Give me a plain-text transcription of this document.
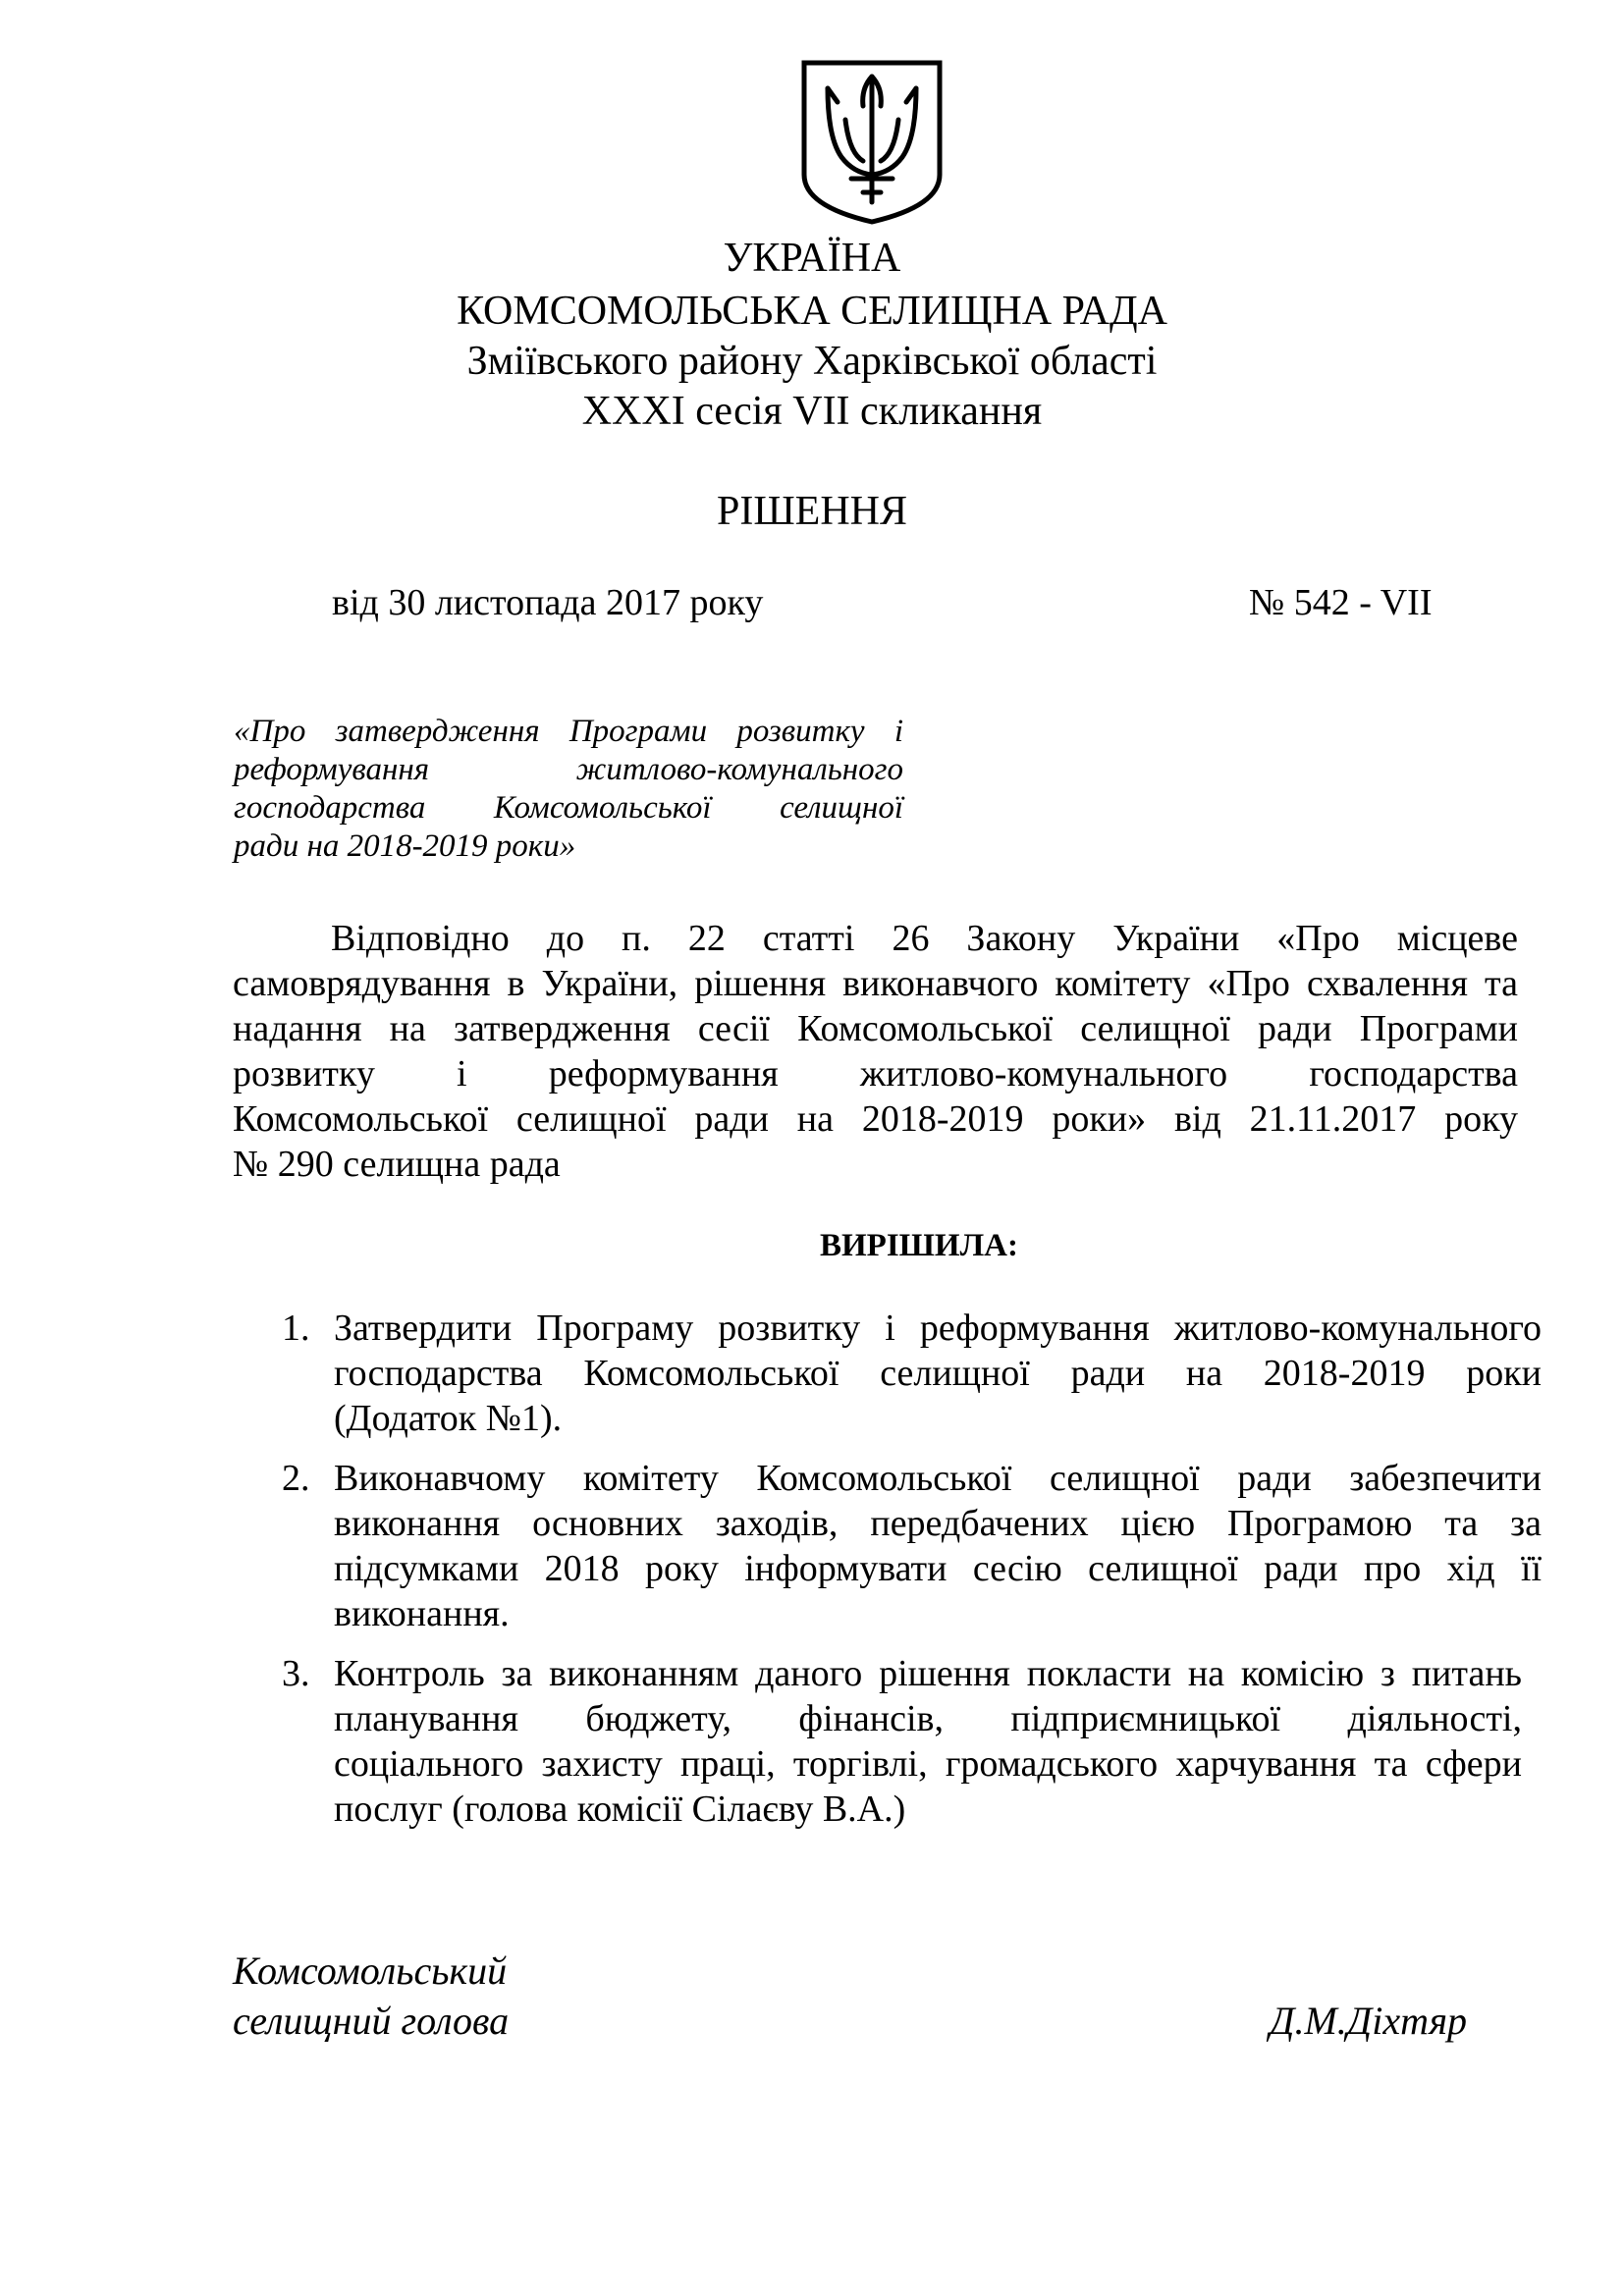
УКРАЇНА
КОМСОМОЛЬСЬКА СЕЛИЩНА РАДА
Зміївського району Харківської області
XXXI сесія VII скликання
РІШЕННЯ
від 30 листопада 2017 року	№ 542 - VII
«Про затвердження Програми розвитку і
реформування житлово-комунального
господарства Комсомольської селищної
ради на 2018-2019 роки»
Відповідно до п. 22 статті 26 Закону України «Про місцеве
самоврядування в України, рішення виконавчого комітету «Про схвалення та
надання на затвердження сесії Комсомольської селищної ради Програми
розвитку і реформування житлово-комунального господарства
Комсомольської селищної ради на 2018-2019 роки» від 21.11.2017 року
№ 290 селищна рада
ВИРІШИЛА:
1. Затвердити Програму розвитку і реформування житлово-комунального
господарства Комсомольської селищної ради на 2018-2019 роки
(Додаток №1).
2. Виконавчому комітету Комсомольської селищної ради забезпечити
виконання основних заходів, передбачених цією Програмою та за
підсумками 2018 року інформувати сесію селищної ради про хід її
виконання.
3. Контроль за виконанням даного рішення покласти на комісію з питань
планування бюджету, фінансів, підприємницької діяльності,
соціального захисту праці, торгівлі, громадського харчування та сфери
послуг (голова комісії Сілаєву В.А.)
Комсомольський
селищний голова	Д.М.Діхтяр
